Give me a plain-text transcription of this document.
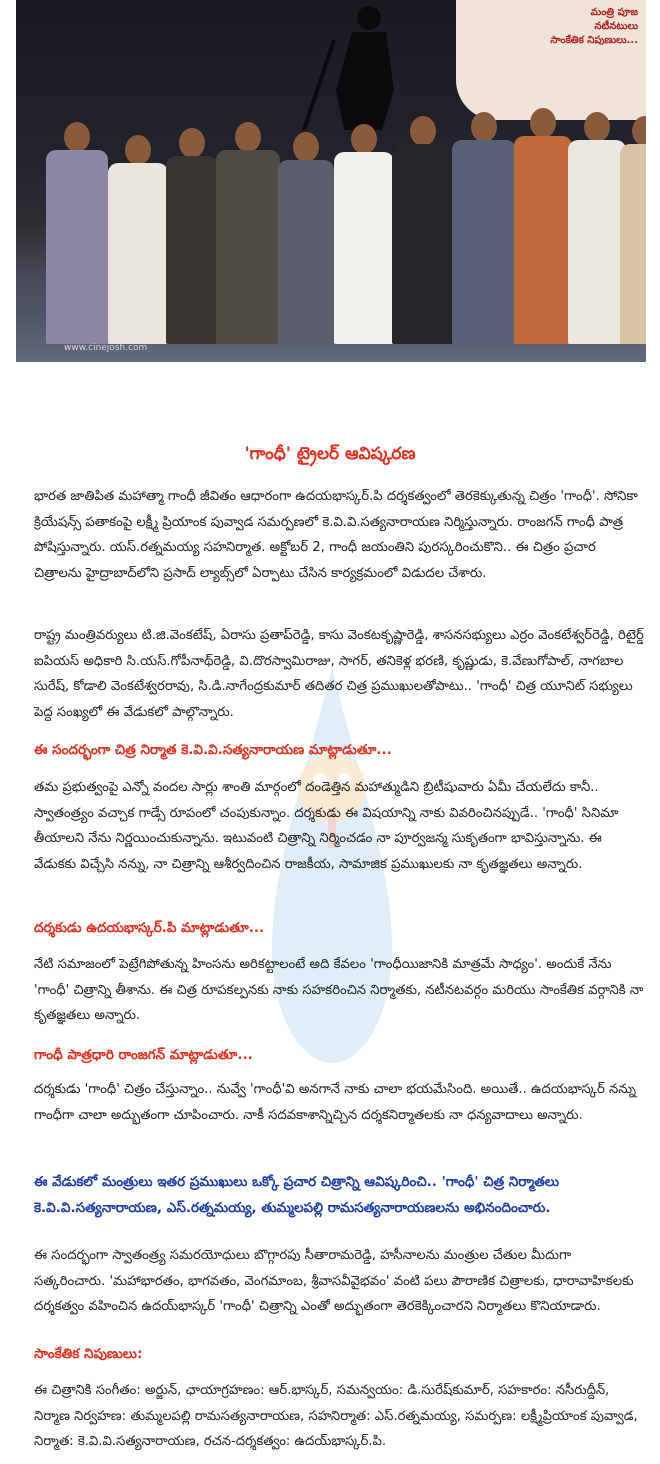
మంత్రి పూజ
నటీనటులు
సాంకేతిక నిపుణులు...
www.cinejosh.com
'గాంధీ' ట్రైలర్ ఆవిష్కరణ
భారత జాతిపిత మహాత్మా గాంధీ జీవితం ఆధారంగా ఉదయభాస్కర్.పి దర్శకత్వంలో తెరకెక్కుతున్న చిత్రం 'గాంధీ'. సోనికా క్రియేషన్స్ పతాకంపై లక్ష్మీ ప్రియాంక పువ్వాడ సమర్పణలో కె.వి.వి.సత్యనారాయణ నిర్మిస్తున్నారు. రాంజగన్ గాంధీ పాత్ర పోషిస్తున్నారు. యస్.రత్నమయ్య సహనిర్మాత. అక్టోబర్ 2, గాంధీ జయంతిని పురస్కరించుకొని.. ఈ చిత్రం ప్రచార చిత్రాలను హైద్రాబాద్‌లోని ప్రసాద్ ల్యాబ్స్‌లో ఏర్పాటు చేసిన కార్యక్రమంలో విడుదల చేశారు.
రాష్ట్ర మంత్రివర్యులు టి.జి.వెంకటేష్, ఏరాసు ప్రతాప్‌రెడ్డి, కాసు వెంకటకృష్ణారెడ్డి, శాసనసభ్యులు ఎర్రం వెంకటేశ్వర్‌రెడ్డి, రిటైర్డ్ ఐపియస్ అధికారి సి.యస్.గోపీనాథ్‌రెడ్డి, వి.దొరస్వామిరాజు, సాగర్, తనికెళ్ల భరణి, కృష్ణుడు, కె.వేణుగోపాల్, నాగబాల సురేష్, కోడాలి వెంకటేశ్వరరావు, సి.డి.నాగేంద్రకుమార్ తదితర చిత్ర ప్రముఖులతోపాటు.. 'గాంధీ' చిత్ర యూనిట్ సభ్యులు పెద్ద సంఖ్యలో ఈ వేడుకలో పాల్గొన్నారు.
ఈ సందర్భంగా చిత్ర నిర్మాత కె.వి.వి.సత్యనారాయణ మాట్లాడుతూ...
తమ ప్రభుత్వంపై ఎన్నో వందల సార్లు శాంతి మార్గంలో దండెత్తిన మహాత్ముడిని బ్రిటీషువారు ఏమీ చేయలేదు కానీ.. స్వాతంత్ర్యం వచ్చాక గాడ్సే రూపంలో చంపుకున్నాం. దర్శకుడు ఈ విషయాన్ని నాకు వివరించినప్పుడే.. 'గాంధీ' సినిమా తీయాలని నేను నిర్ణయించుకున్నాను. ఇటువంటి చిత్రాన్ని నిర్మించడం నా పూర్వజన్మ సుకృతంగా భావిస్తున్నాను. ఈ వేడుకకు విచ్చేసి నన్ను, నా చిత్రాన్ని ఆశీర్వదించిన రాజకీయ, సామాజిక ప్రముఖులకు నా కృతజ్ఞతలు అన్నారు.
దర్శకుడు ఉదయభాస్కర్.పి మాట్లాడుతూ...
నేటి సమాజంలో పెట్రేగిపోతున్న హింసను అరికట్టాలంటే అది కేవలం 'గాంధీయిజానికి మాత్రమే సాధ్యం'. అందుకే నేను 'గాంధీ' చిత్రాన్ని తీశాను. ఈ చిత్ర రూపకల్పనకు నాకు సహకరించిన నిర్మాతకు, నటీనటవర్గం మరియు సాంకేతిక వర్గానికి నా కృతజ్ఞతలు అన్నారు.
గాంధీ పాత్రధారి రాంజగన్ మాట్లాడుతూ...
దర్శకుడు 'గాంధీ' చిత్రం చేస్తున్నాం.. నువ్వే 'గాంధీ'వి అనగానే నాకు చాలా భయమేసింది. అయితే.. ఉదయభాస్కర్ నన్ను గాంధీగా చాలా అద్భుతంగా చూపించారు. నాకీ సదవకాశాన్నిచ్చిన దర్శకనిర్మాతలకు నా ధన్యవాదాలు అన్నారు.
ఈ వేడుకలో మంత్రులు ఇతర ప్రముఖులు ఒక్కో ప్రచార చిత్రాన్ని ఆవిష్కరించి.. 'గాంధీ' చిత్ర నిర్మాతలు కె.వి.వి.సత్యనారాయణ, ఎస్.రత్నమయ్య, తుమ్మలపల్లి రామసత్యనారాయణలను అభినందించారు.
ఈ సందర్భంగా స్వాతంత్ర్య సమరయోధులు బొగ్గారపు సీతారామరెడ్డి, హసీనాలను మంత్రుల చేతుల మీదుగా సత్కరించారు. 'మహాభారతం, భాగవతం, వెంగమాంబ, శ్రీవాసవీవైభవం' వంటి పలు పౌరాణిక చిత్రాలకు, ధారావాహికలకు దర్శకత్వం వహించిన ఉదయ్‌భాస్కర్ 'గాంధీ' చిత్రాన్ని ఎంతో అద్భుతంగా తెరకెక్కించారని నిర్మాతలు కొనియాడారు.
సాంకేతిక నిపుణులు:
ఈ చిత్రానికి సంగీతం: అర్జున్, ఛాయాగ్రహణం: ఆర్.భాస్కర్, సమన్వయం: డి.సురేష్‌కుమార్, సహకారం: నసీరుద్దీన్, నిర్మాణ నిర్వహణ: తుమ్మలపల్లి రామసత్యనారాయణ, సహనిర్మాత: ఎస్.రత్నమయ్య, సమర్పణ: లక్ష్మీప్రియాంక పువ్వాడ, నిర్మాత: కె.వి.వి.సత్యనారాయణ, రచన-దర్శకత్వం: ఉదయ్‌భాస్కర్.పి.
